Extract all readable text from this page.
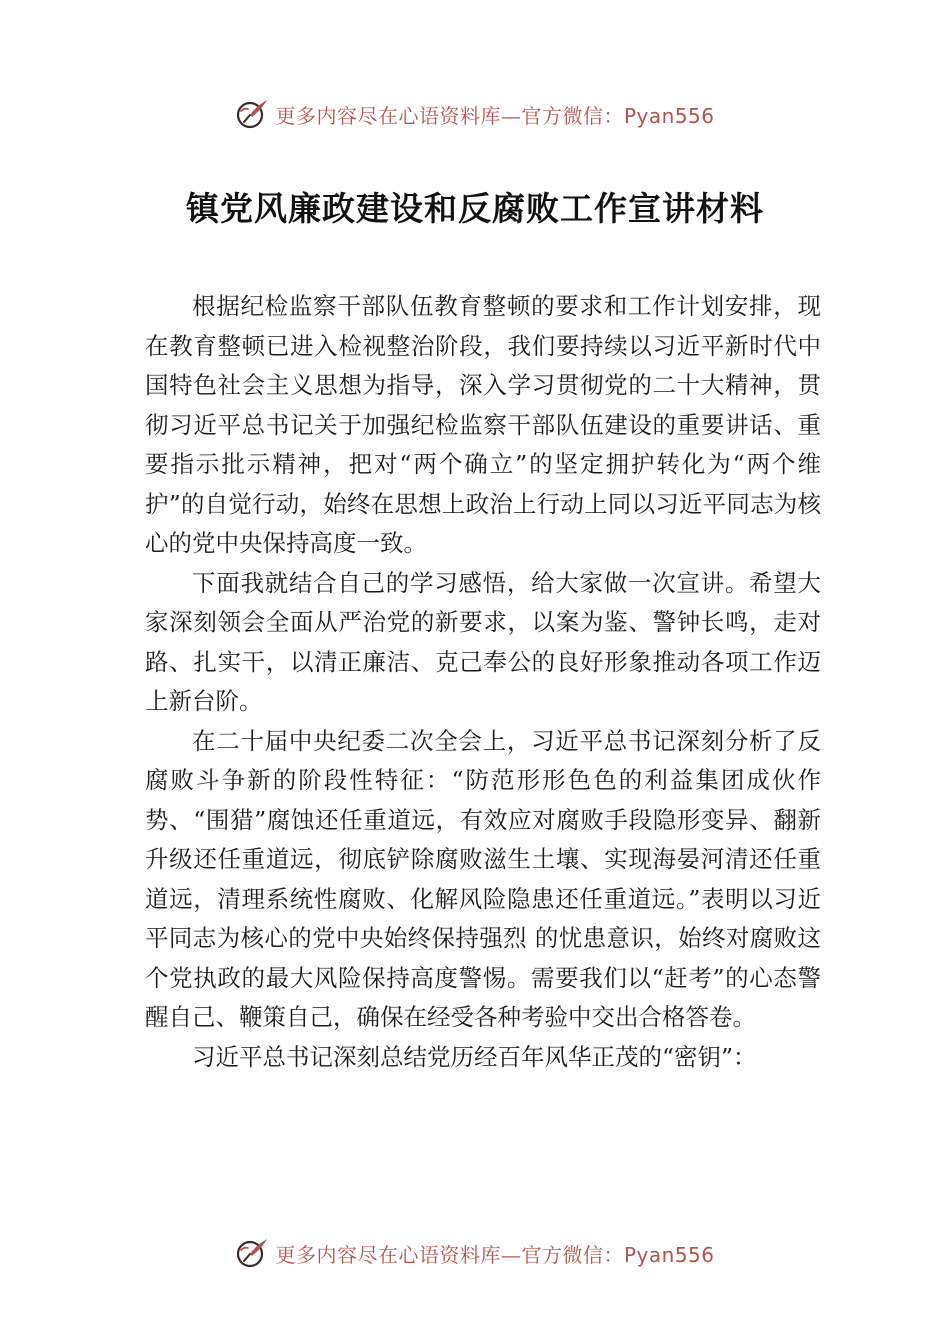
更多内容尽在心语资料库—官方微信：Pyan556
镇党风廉政建设和反腐败工作宣讲材料

根据纪检监察干部队伍教育整顿的要求和工作计划安排，现在教育整顿已进入检视整治阶段，我们要持续以习近平新时代中国特色社会主义思想为指导，深入学习贯彻党的二十大精神，贯彻习近平总书记关于加强纪检监察干部队伍建设的重要讲话、重要指示批示精神，把对“两个确立”的坚定拥护转化为“两个维护”的自觉行动，始终在思想上政治上行动上同以习近平同志为核心的党中央保持高度一致。

下面我就结合自己的学习感悟，给大家做一次宣讲。希望大家深刻领会全面从严治党的新要求，以案为鉴、警钟长鸣，走对路、扎实干，以清正廉洁、克己奉公的良好形象推动各项工作迈上新台阶。

在二十届中央纪委二次全会上，习近平总书记深刻分析了反腐败斗争新的阶段性特征：“防范形形色色的利益集团成伙作势、“围猎”腐蚀还任重道远，有效应对腐败手段隐形变异、翻新升级还任重道远，彻底铲除腐败滋生土壤、实现海晏河清还任重道远，清理系统性腐败、化解风险隐患还任重道远。”表明以习近平同志为核心的党中央始终保持强烈 的忧患意识，始终对腐败这个党执政的最大风险保持高度警惕。需要我们以“赶考”的心态警醒自己、鞭策自己，确保在经受各种考验中交出合格答卷。

习近平总书记深刻总结党历经百年风华正茂的“密钥”：

更多内容尽在心语资料库—官方微信：Pyan556
